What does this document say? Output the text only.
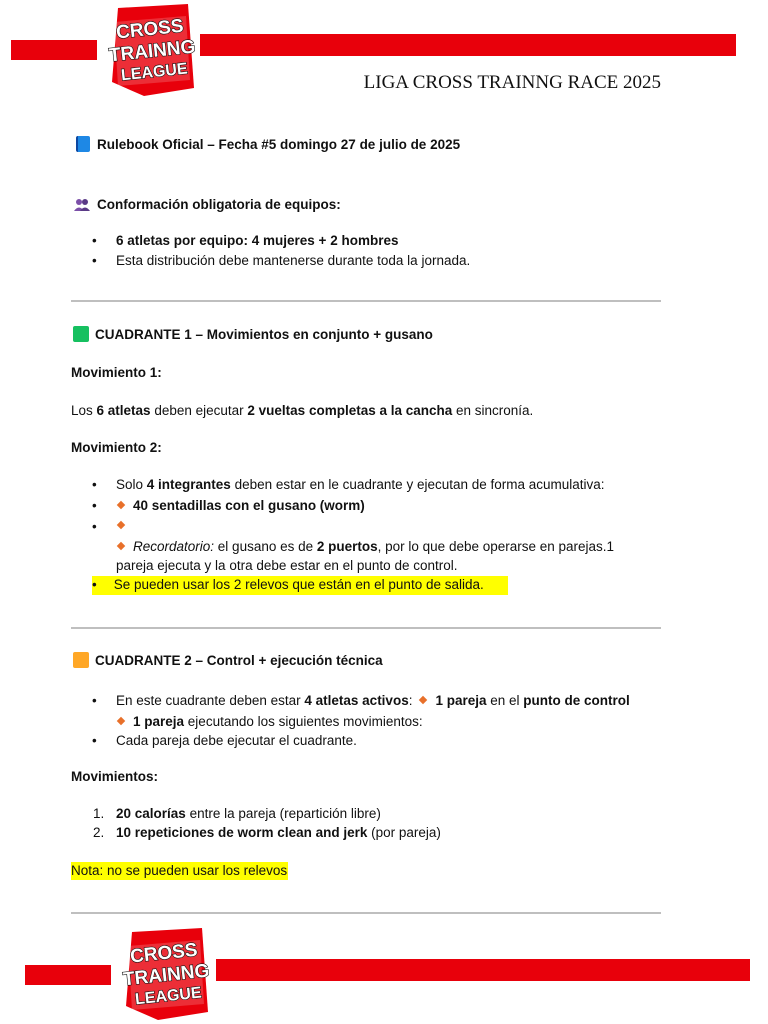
CROSS
TRAINNG
LEAGUE	LIGA CROSS TRAINNG RACE 2025
Rulebook Oficial – Fecha #5 domingo 27 de julio de 2025
Conformación obligatoria de equipos:
• 6 atletas por equipo: 4 mujeres + 2 hombres
• Esta distribución debe mantenerse durante toda la jornada.
CUADRANTE 1 – Movimientos en conjunto + gusano
Movimiento 1:
Los 6 atletas deben ejecutar 2 vueltas completas a la cancha en sincronía.
Movimiento 2:
• Solo 4 integrantes deben estar en le cuadrante y ejecutan de forma acumulativa:
•	40 sentadillas con el gusano (worm)
•
Recordatorio: el gusano es de 2 puertos, por lo que debe operarse en parejas.1
pareja ejecuta y la otra debe estar en el punto de control.
• Se pueden usar los 2 relevos que están en el punto de salida.
CUADRANTE 2 – Control + ejecución técnica
• En este cuadrante deben estar 4 atletas activos: 1 pareja en el punto de control
1 pareja ejecutando los siguientes movimientos:
• Cada pareja debe ejecutar el cuadrante.
Movimientos:
1. 20 calorías entre la pareja (repartición libre)
2. 10 repeticiones de worm clean and jerk (por pareja)
Nota: no se pueden usar los relevos
CROSS
TRAINNG
LEAGUE
